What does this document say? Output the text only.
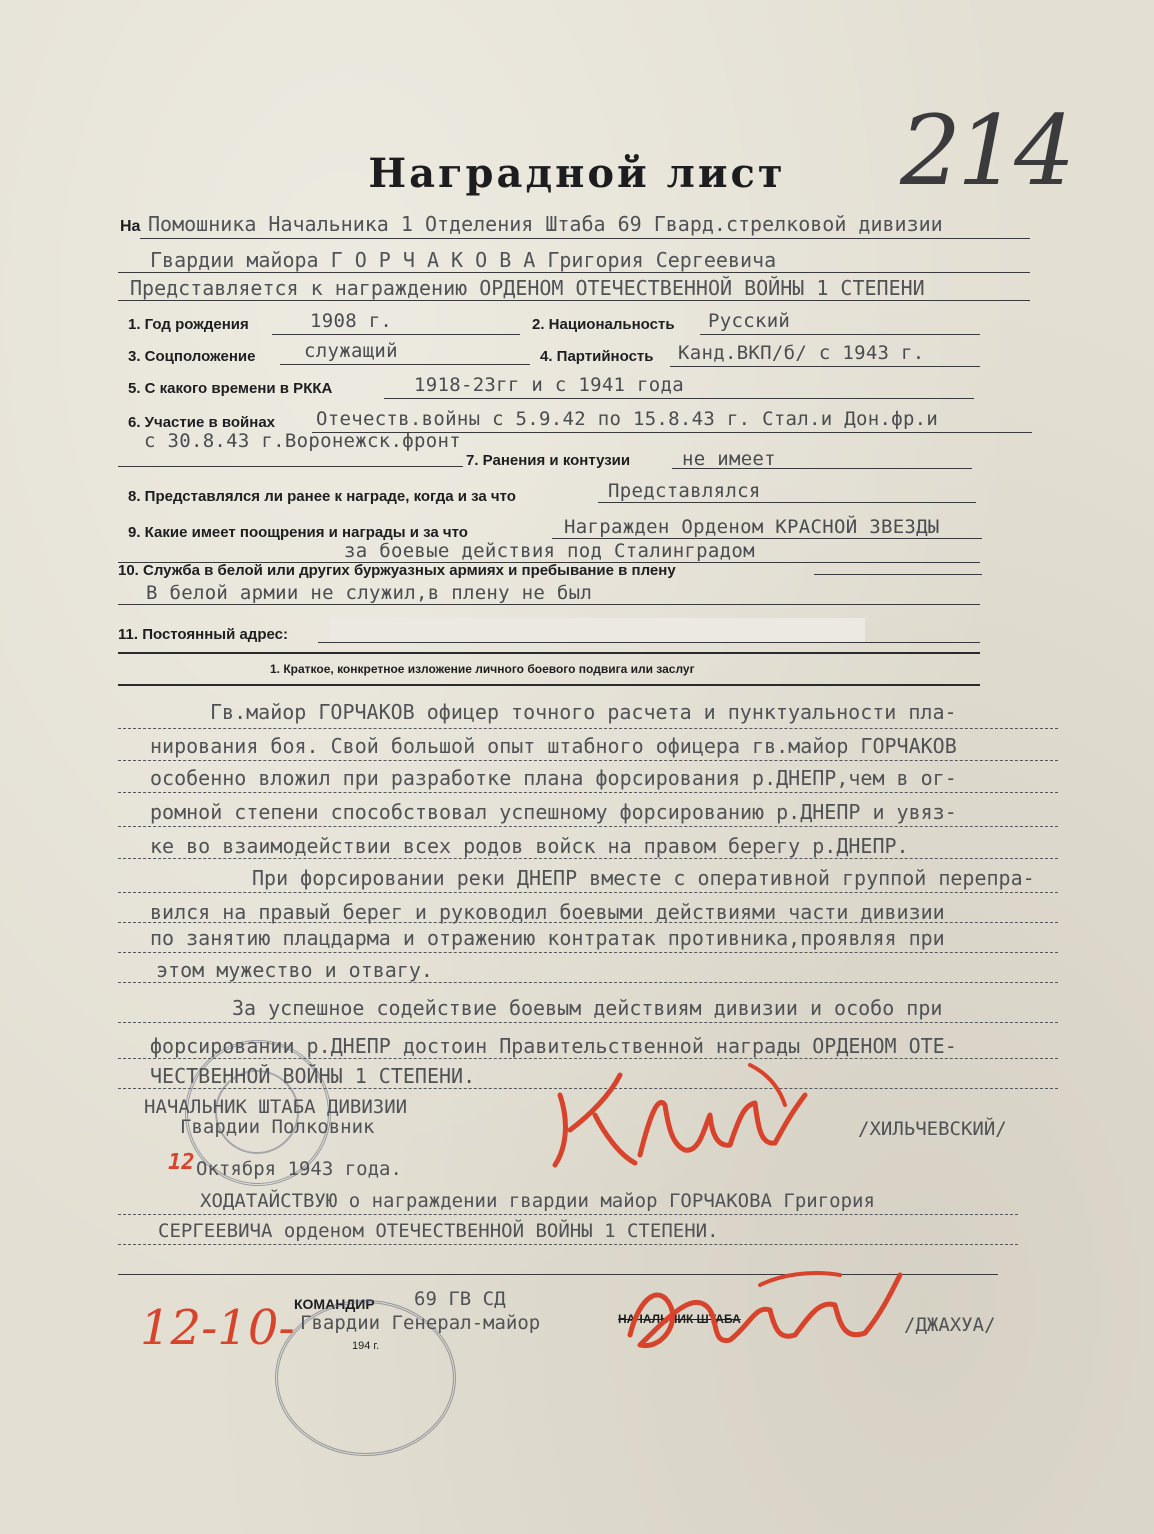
214
Наградной лист
На Помошника Начальника 1 Отделения Штаба 69 Гвард.стрелковой дивизии
Гвардии майора Г О Р Ч А К О В А Григория Сергеевича
Представляется к награждению ОРДЕНОМ ОТЕЧЕСТВЕННОЙ ВОЙНЫ 1 СТЕПЕНИ
1. Год рождения	1908 г.	2. Национальность Русский
3. Соцположение	служащий	4. Партийность Канд.ВКП/б/ с 1943 г.
5. С какого времени в РККА	1918-23гг и с 1941 года
6. Участие в войнах Отечеств.войны с 5.9.42 по 15.8.43 г. Стал.и Дон.фр.и
с 30.8.43 г.Воронежск.фронт
7. Ранения и контузии	не имеет
8. Представлялся ли ранее к награде, когда и за что	Представлялся
9. Какие имеет поощрения и награды и за что	Награжден Орденом КРАСНОЙ ЗВЕЗДЫ
за боевые действия под Сталинградом
10. Служба в белой или других буржуазных армиях и пребывание в плену
В белой армии не служил,в плену не был
11. Постоянный адрес:
1. Краткое, конкретное изложение личного боевого подвига или заслуг
Гв.майор ГОРЧАКОВ офицер точного расчета и пунктуальности пла-
нирования боя. Свой большой опыт штабного офицера гв.майор ГОРЧАКОВ
особенно вложил при разработке плана форсирования р.ДНЕПР,чем в ог-
ромной степени способствовал успешному форсированию р.ДНЕПР и увяз-
ке во взаимодействии всех родов войск на правом берегу р.ДНЕПР.
При форсировании реки ДНЕПР вместе с оперативной группой перепра-
вился на правый берег и руководил боевыми действиями части дивизии
по занятию плацдарма и отражению контратак противника,проявляя при
этом мужество и отвагу.
За успешное содействие боевым действиям дивизии и особо при
форсировании р.ДНЕПР достоин Правительственной награды ОРДЕНОМ ОТЕ-
ЧЕСТВЕННОЙ ВОЙНЫ 1 СТЕПЕНИ.
НАЧАЛЬНИК ШТАБА ДИВИЗИИ
Гвардии Полковник	/ХИЛЬЧЕВСКИЙ/
12 Октября 1943 года.
ХОДАТАЙСТВУЮ о награждении гвардии майор ГОРЧАКОВА Григория
СЕРГЕЕВИЧА орденом ОТЕЧЕСТВЕННОЙ ВОЙНЫ 1 СТЕПЕНИ.
КОМАНДИР 69 ГВ СД
Гвардии Генерал-майор	НАЧАЛЬНИК ШТАБА	/ДЖАХУА/
194 г.
12-10-
